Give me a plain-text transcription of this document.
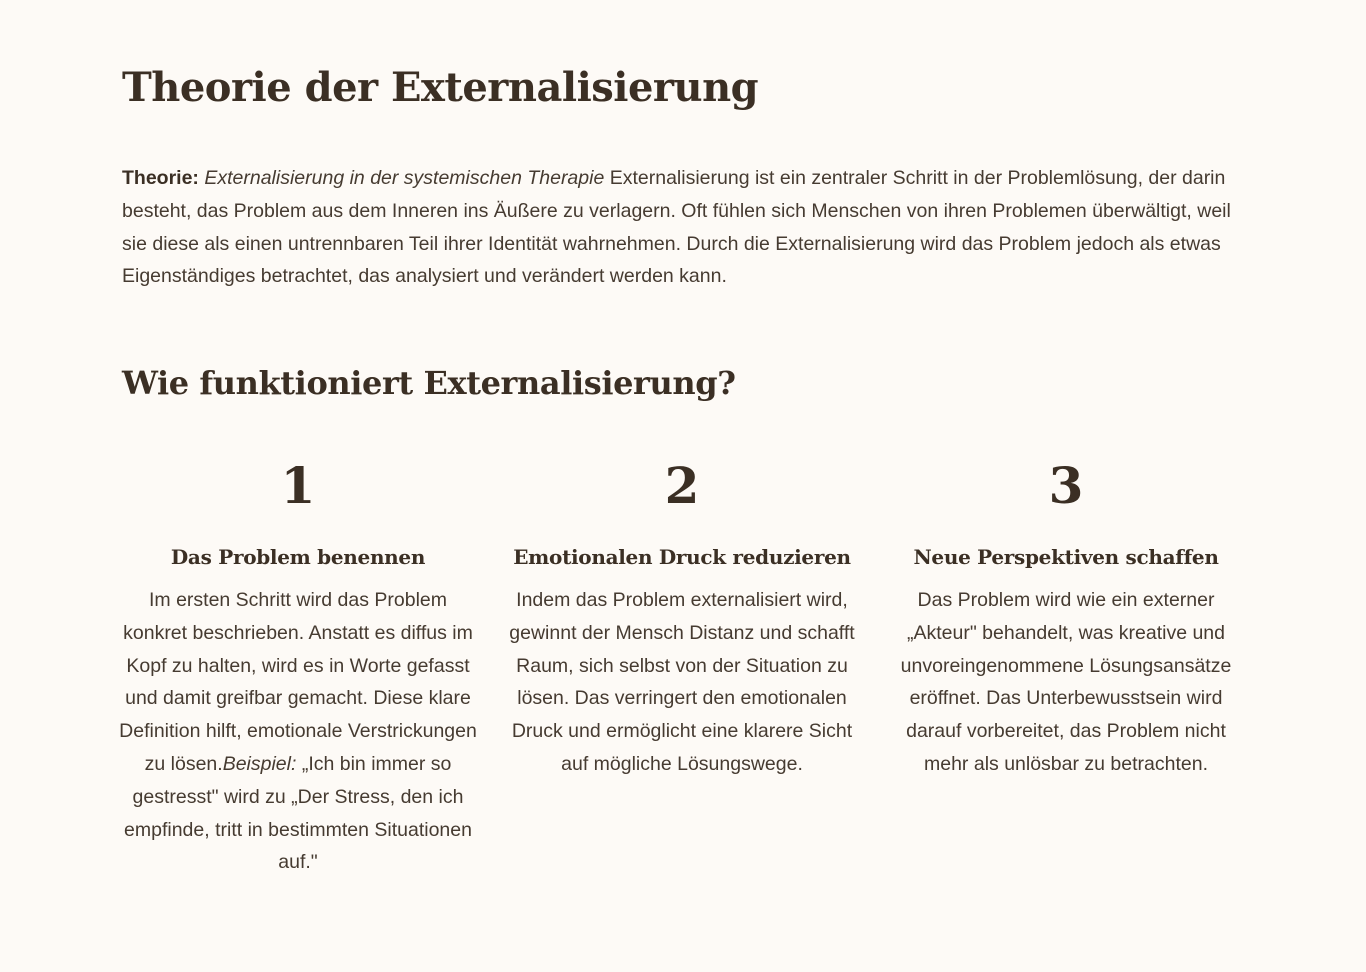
Theorie der Externalisierung

Theorie: Externalisierung in der systemischen Therapie Externalisierung ist ein zentraler Schritt in der Problemlösung, der darin besteht, das Problem aus dem Inneren ins Äußere zu verlagern. Oft fühlen sich Menschen von ihren Problemen überwältigt, weil sie diese als einen untrennbaren Teil ihrer Identität wahrnehmen. Durch die Externalisierung wird das Problem jedoch als etwas Eigenständiges betrachtet, das analysiert und verändert werden kann.

Wie funktioniert Externalisierung?
1
Das Problem benennen

Im ersten Schritt wird das Problem konkret beschrieben. Anstatt es diffus im Kopf zu halten, wird es in Worte gefasst und damit greifbar gemacht. Diese klare Definition hilft, emotionale Verstrickungen zu lösen.Beispiel: „Ich bin immer so gestresst" wird zu „Der Stress, den ich empfinde, tritt in bestimmten Situationen auf."

2
Emotionalen Druck reduzieren

Indem das Problem externalisiert wird, gewinnt der Mensch Distanz und schafft Raum, sich selbst von der Situation zu lösen. Das verringert den emotionalen Druck und ermöglicht eine klarere Sicht auf mögliche Lösungswege.

3
Neue Perspektiven schaffen

Das Problem wird wie ein externer „Akteur" behandelt, was kreative und unvoreingenommene Lösungsansätze eröffnet. Das Unterbewusstsein wird darauf vorbereitet, das Problem nicht mehr als unlösbar zu betrachten.
